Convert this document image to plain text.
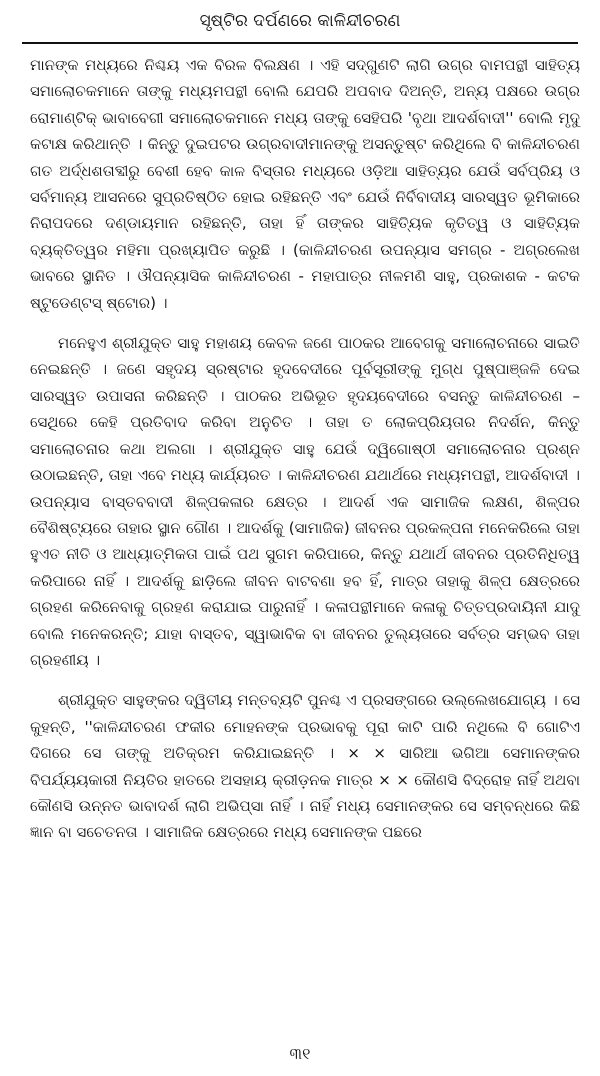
ସୃଷ୍ଟିର ଦର୍ପଣରେ କାଳିନ୍ଦୀଚରଣ

ମାନଙ୍କ ମଧ୍ୟରେ ନିଶ୍ଚୟ ଏକ ବିରଳ ବିଲକ୍ଷଣ । ଏହି ସଦ୍‌ଗୁଣଟି ଲାଗି ଉଗ୍ର ବାମପନ୍ଥୀ ସାହିତ୍ୟ ସମାଲୋଚକମାନେ ତାଙ୍କୁ ମଧ୍ୟମପନ୍ଥୀ ବୋଲି ଯେପରି ଅପବାଦ ଦିଅନ୍ତି, ଅନ୍ୟ ପକ୍ଷରେ ଉଗ୍ର ରୋମାଣ୍ଟିକ୍ ଭାବାବେଗୀ ସମାଲୋଚକମାନେ ମଧ୍ୟ ତାଙ୍କୁ ସେହିପରି 'ବୃଥା ଆଦର୍ଶବାଦୀ'' ବୋଲି ମୃଦୁ କଟାକ୍ଷ କରିଥାନ୍ତି । କିନ୍ତୁ ଦୁଇପଟର ଉଗ୍ରବାଦୀମାନଙ୍କୁ ଅସନ୍ତୁଷ୍ଟ କରିଥିଲେ ବି କାଳିନ୍ଦୀଚରଣ ଗତ ଅର୍ଦ୍ଧଶତାବ୍ଦୀରୁ ବେଶୀ ହେବ କାଳ ବିସ୍ତାର ମଧ୍ୟରେ ଓଡ଼ିଆ ସାହିତ୍ୟର ଯେଉଁ ସର୍ବପ୍ରିୟ ଓ ସର୍ବମାନ୍ୟ ଆସନରେ ସୁପ୍ରତିଷ୍ଠିତ ହୋଇ ରହିଛନ୍ତି ଏବଂ ଯେଉଁ ନିର୍ବିବାଦୀୟ ସାରସ୍ୱତ ଭୂମିକାରେ ନିରାପଦରେ ଦଣ୍ଡାୟମାନ ରହିଛନ୍ତି, ତାହା ହିଁ ତାଙ୍କର ସାହିତ୍ୟିକ କୃତିତ୍ୱ ଓ ସାହିତ୍ୟିକ ବ୍ୟକ୍ତିତ୍ୱର ମହିମା ପ୍ରଖ୍ୟାପିତ କରୁଛି । (କାଳିନ୍ଦୀଚରଣ ଉପନ୍ୟାସ ସମଗ୍ର - ଅଗ୍ରଲେଖ ଭାବରେ ସ୍ଥାନିତ । ଔପନ୍ୟାସିକ କାଳିନ୍ଦୀଚରଣ - ମହାପାତ୍ର ନୀଳମଣି ସାହୁ, ପ୍ରକାଶକ - କଟକ ଷ୍ଟୁଡେଣ୍ଟସ୍ ଷ୍ଟୋର) ।

ମନେହୁଏ ଶ୍ରୀଯୁକ୍ତ ସାହୁ ମହାଶୟ କେବଳ ଜଣେ ପାଠକର ଆବେଗକୁ ସମାଲୋଚନାରେ ସାଇତି ନେଇଛନ୍ତି । ଜଣେ ସହୃଦୟ ସ୍ରଷ୍ଟାର ହୃଦବେଦୀରେ ପୂର୍ବସୂରୀଙ୍କୁ ମୁଗ୍ଧ ପୁଷ୍ପାଞ୍ଜଳି ଦେଇ ସାରସ୍ୱତ ଉପାସନା କରିଛନ୍ତି । ପାଠକର ଅଭିଭୂତ ହୃଦୟବେଦୀରେ ବସନ୍ତୁ କାଳିନ୍ଦୀଚରଣ – ସେଥିରେ କେହି ପ୍ରତିବାଦ କରିବା ଅନୁଚିତ । ତାହା ତ ଲୋକପ୍ରିୟତାର ନିଦର୍ଶନ, କିନ୍ତୁ ସମାଲୋଚନାର କଥା ଅଲଗା । ଶ୍ରୀଯୁକ୍ତ ସାହୁ ଯେଉଁ ଦ୍ୱିଗୋଷ୍ଠୀ ସମାଲୋଚନାର ପ୍ରଶ୍ନ ଉଠାଇଛନ୍ତି, ତାହା ଏବେ ମଧ୍ୟ କାର୍ଯ୍ୟରତ । କାଳିନ୍ଦୀଚରଣ ଯଥାର୍ଥରେ ମଧ୍ୟମପନ୍ଥୀ, ଆଦର୍ଶବାଦୀ । ଉପନ୍ୟାସ ବାସ୍ତବବାଦୀ ଶିଳ୍ପକଳାର କ୍ଷେତ୍ର । ଆଦର୍ଶ ଏକ ସାମାଜିକ ଲକ୍ଷଣ, ଶିଳ୍ପର ବୈଶିଷ୍ଟ୍ୟରେ ତାହାର ସ୍ଥାନ ଗୌଣ । ଆଦର୍ଶକୁ (ସାମାଜିକ) ଜୀବନର ପ୍ରକଳ୍ପନା ମନେକରିଲେ ତାହା ହୁଏତ ନୀତି ଓ ଆଧ୍ୟାତ୍ମିକତା ପାଇଁ ପଥ ସୁଗମ କରିପାରେ, କିନ୍ତୁ ଯଥାର୍ଥ ଜୀବନର ପ୍ରତିନିଧିତ୍ୱ କରିପାରେ ନାହିଁ । ଆଦର୍ଶକୁ ଛାଡ଼ିଲେ ଜୀବନ ବାଟବଣା ହବ ହିଁ, ମାତ୍ର ତାହାକୁ ଶିଳ୍ପ କ୍ଷେତ୍ରରେ ଗ୍ରହଣ କରିନେବାକୁ ଗ୍ରହଣ କରାଯାଇ ପାରୁନାହିଁ । କଳାପନ୍ଥୀମାନେ କଳାକୁ ଚିତ୍ତପ୍ରଦାୟିନୀ ଯାଦୁ ବୋଲି ମନେକରନ୍ତି; ଯାହା ବାସ୍ତବ, ସ୍ୱାଭାବିକ ବା ଜୀବନର ତୁଲ୍ୟତାରେ ସର୍ବତ୍ର ସମ୍ଭବ ତାହା ଗ୍ରହଣୀୟ ।

ଶ୍ରୀଯୁକ୍ତ ସାହୁଙ୍କର ଦ୍ୱିତୀୟ ମନ୍ତବ୍ୟଟି ପୁନଶ୍ଚ ଏ ପ୍ରସଙ୍ଗରେ ଉଲ୍ଲେଖଯୋଗ୍ୟ । ସେ କୁହନ୍ତି, ''କାଳିନ୍ଦୀଚରଣ ଫକୀର ମୋହନଙ୍କ ପ୍ରଭାବକୁ ପୂରା କାଟି ପାରି ନଥିଲେ ବି ଗୋଟିଏ ଦିଗରେ ସେ ତାଙ୍କୁ ଅତିକ୍ରମ କରିଯାଇଛନ୍ତି । × × ସାରିଆ ଭଗିଆ ସେମାନଙ୍କର ବିପର୍ଯ୍ୟୟକାରୀ ନିୟତିର ହାତରେ ଅସହାୟ କ୍ରୀଡ଼ନକ ମାତ୍ର × × କୌଣସି ବିଦ୍ରୋହ ନାହିଁ ଅଥବା କୌଣସି ଉନ୍ନତ ଭାବାଦର୍ଶ ଲାଗି ଅଭିପ୍ସା ନାହିଁ । ନାହିଁ ମଧ୍ୟ ସେମାନଙ୍କର ସେ ସମ୍ବନ୍ଧରେ କିଛି ଜ୍ଞାନ ବା ସଚେତନତା । ସାମାଜିକ କ୍ଷେତ୍ରରେ ମଧ୍ୟ ସେମାନଙ୍କ ପଛରେ

୩୧
